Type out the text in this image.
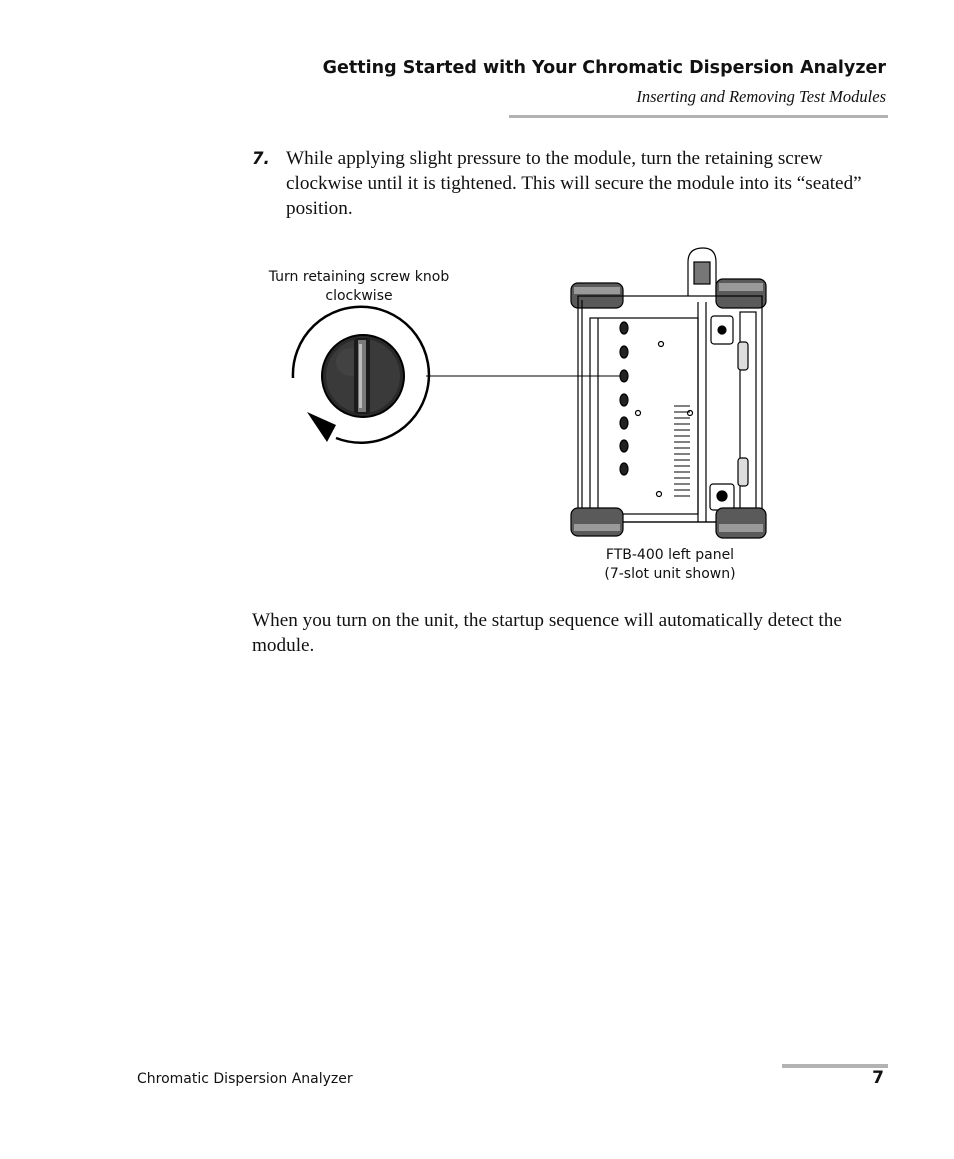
Getting Started with Your Chromatic Dispersion Analyzer
Inserting and Removing Test Modules
7. While applying slight pressure to the module, turn the retaining screw clockwise until it is tightened. This will secure the module into its “seated” position.
Turn retaining screw knob clockwise
FTB-400 left panel
(7-slot unit shown)
When you turn on the unit, the startup sequence will automatically detect the module.
Chromatic Dispersion Analyzer	7
